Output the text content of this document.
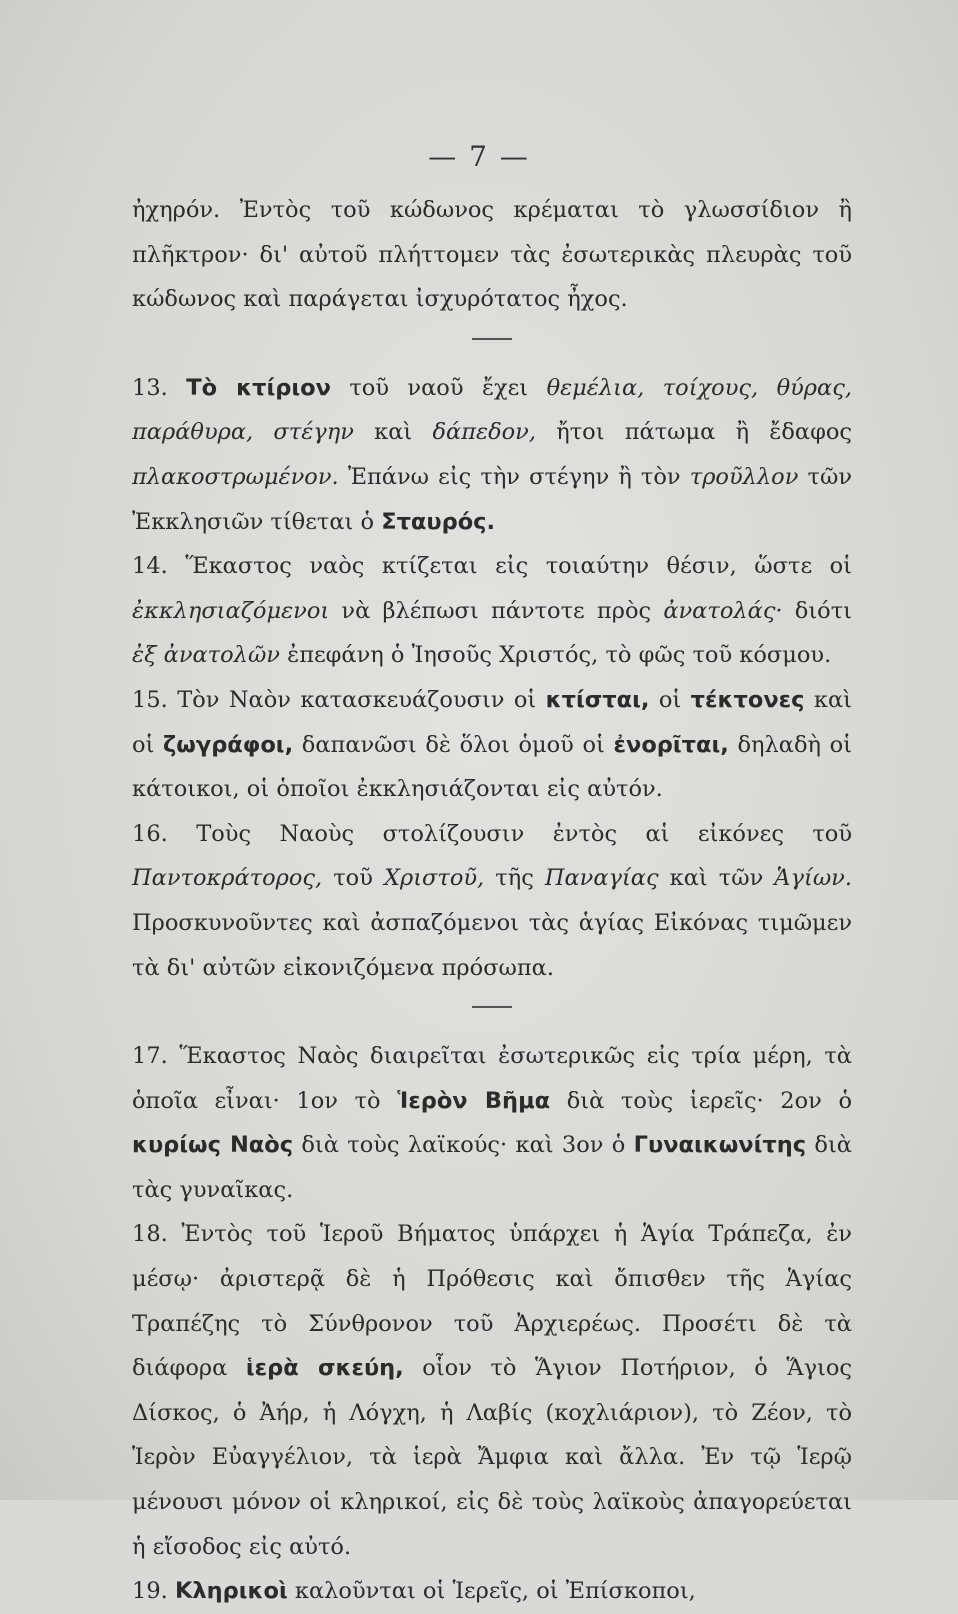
— 7 —

ἠχηρόν. Ἐντὸς τοῦ κώδωνος κρέμαται τὸ γλωσσίδιον ἢ πλῆκτρον· δι' αὐτοῦ πλήττομεν τὰς ἐσωτερικὰς πλευρὰς τοῦ κώδωνος καὶ παράγεται ἰσχυρότατος ἦχος.

13. Τὸ κτίριον τοῦ ναοῦ ἔχει θεμέλια, τοίχους, θύρας, παράθυρα, στέγην καὶ δάπεδον, ἤτοι πάτωμα ἢ ἔδαφος πλακοστρωμένον. Ἐπάνω εἰς τὴν στέγην ἢ τὸν τροῦλλον τῶν Ἐκκλησιῶν τίθεται ὁ Σταυρός.

14. Ἕκαστος ναὸς κτίζεται εἰς τοιαύτην θέσιν, ὥστε οἱ ἐκκλησιαζόμενοι νὰ βλέπωσι πάντοτε πρὸς ἀνατολάς· διότι ἐξ ἀνατολῶν ἐπεφάνη ὁ Ἰησοῦς Χριστός, τὸ φῶς τοῦ κόσμου.

15. Τὸν Ναὸν κατασκευάζουσιν οἱ κτίσται, οἱ τέκτονες καὶ οἱ ζωγράφοι, δαπανῶσι δὲ ὅλοι ὁμοῦ οἱ ἐνορῖται, δηλαδὴ οἱ κάτοικοι, οἱ ὁποῖοι ἐκκλησιάζονται εἰς αὐτόν.

16. Τοὺς Ναοὺς στολίζουσιν ἐντὸς αἱ εἰκόνες τοῦ Παντοκράτορος, τοῦ Χριστοῦ, τῆς Παναγίας καὶ τῶν Ἁγίων. Προσκυνοῦντες καὶ ἀσπαζόμενοι τὰς ἁγίας Εἰκόνας τιμῶμεν τὰ δι' αὐτῶν εἰκονιζόμενα πρόσωπα.

17. Ἕκαστος Ναὸς διαιρεῖται ἐσωτερικῶς εἰς τρία μέρη, τὰ ὁποῖα εἶναι· 1ον τὸ Ἱερὸν Βῆμα διὰ τοὺς ἱερεῖς· 2ον ὁ κυρίως Ναὸς διὰ τοὺς λαϊκούς· καὶ 3ον ὁ Γυναικωνίτης διὰ τὰς γυναῖκας.

18. Ἐντὸς τοῦ Ἱεροῦ Βήματος ὑπάρχει ἡ Ἁγία Τράπεζα, ἐν μέσῳ· ἀριστερᾷ δὲ ἡ Πρόθεσις καὶ ὄπισθεν τῆς Ἁγίας Τραπέζης τὸ Σύνθρονον τοῦ Ἀρχιερέως. Προσέτι δὲ τὰ διάφορα ἱερὰ σκεύη, οἷον τὸ Ἅγιον Ποτήριον, ὁ Ἅγιος Δίσκος, ὁ Ἀήρ, ἡ Λόγχη, ἡ Λαβίς (κοχλιάριον), τὸ Ζέον, τὸ Ἱερὸν Εὐαγγέλιον, τὰ ἱερὰ Ἄμφια καὶ ἄλλα. Ἐν τῷ Ἱερῷ μένουσι μόνον οἱ κληρικοί, εἰς δὲ τοὺς λαϊκοὺς ἀπαγορεύεται ἡ εἴσοδος εἰς αὐτό.

19. Κληρικοὶ καλοῦνται οἱ Ἱερεῖς, οἱ Ἐπίσκοποι,
